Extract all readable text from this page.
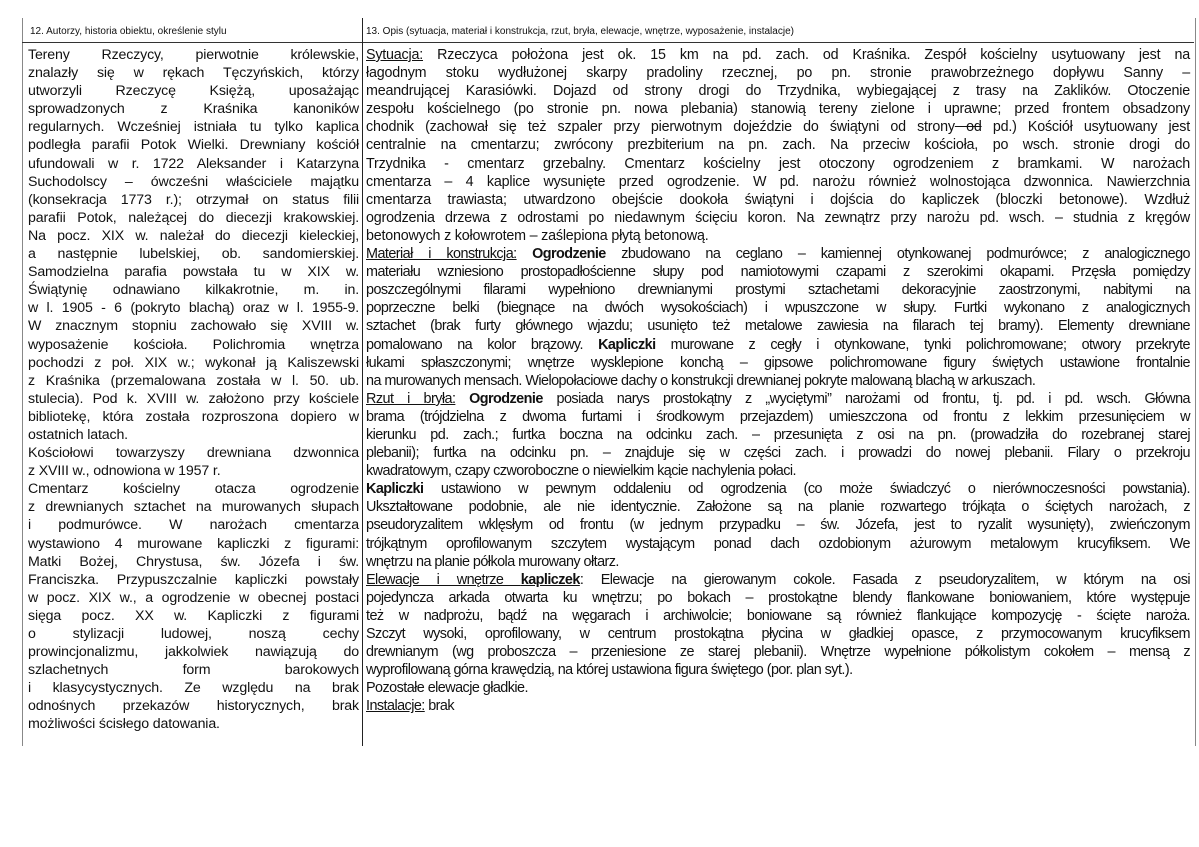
12. Autorzy, historia obiektu, określenie stylu	13. Opis (sytuacja, materiał i konstrukcja, rzut, bryła, elewacje, wnętrze, wyposażenie, instalacje)
Tereny Rzeczycy, pierwotnie królewskie,
znalazły się w rękach Tęczyńskich, którzy
utworzyli Rzeczycę Księżą, uposażając
sprowadzonych z Kraśnika kanoników
regularnych. Wcześniej istniała tu tylko kaplica
podległa parafii Potok Wielki. Drewniany kościół
ufundowali w r. 1722 Aleksander i Katarzyna
Suchodolscy – ówcześni właściciele majątku
(konsekracja 1773 r.); otrzymał on status filii
parafii Potok, należącej do diecezji krakowskiej.
Na pocz. XIX w. należał do diecezji kieleckiej,
a następnie lubelskiej, ob. sandomierskiej.
Samodzielna parafia powstała tu w XIX w.
Świątynię odnawiano kilkakrotnie, m. in.
w l. 1905 - 6 (pokryto blachą) oraz w l. 1955-9.
W znacznym stopniu zachowało się XVIII w.
wyposażenie kościoła. Polichromia wnętrza
pochodzi z poł. XIX w.; wykonał ją Kaliszewski
z Kraśnika (przemalowana została w l. 50. ub.
stulecia). Pod k. XVIII w. założono przy kościele
bibliotekę, która została rozproszona dopiero w
ostatnich latach.
Kościołowi towarzyszy drewniana dzwonnica
z XVIII w., odnowiona w 1957 r.
Cmentarz kościelny otacza ogrodzenie
z drewnianych sztachet na murowanych słupach
i podmurówce. W narożach cmentarza
wystawiono 4 murowane kapliczki z figurami:
Matki Bożej, Chrystusa, św. Józefa i św.
Franciszka. Przypuszczalnie kapliczki powstały
w pocz. XIX w., a ogrodzenie w obecnej postaci
sięga pocz. XX w. Kapliczki z figurami
o stylizacji ludowej, noszą cechy
prowincjonalizmu, jakkolwiek nawiązują do
szlachetnych form barokowych
i klasycystycznych. Ze względu na brak
odnośnych przekazów historycznych, brak
możliwości ścisłego datowania.
Sytuacja: Rzeczyca położona jest ok. 15 km na pd. zach. od Kraśnika. Zespół kościelny usytuowany jest na
łagodnym stoku wydłużonej skarpy pradoliny rzecznej, po pn. stronie prawobrzeżnego dopływu Sanny –
meandrującej Karasiówki. Dojazd od strony drogi do Trzydnika, wybiegającej z trasy na Zaklików. Otoczenie
zespołu kościelnego (po stronie pn. nowa plebania) stanowią tereny zielone i uprawne; przed frontem obsadzony
chodnik (zachował się też szpaler przy pierwotnym dojeździe do świątyni od strony od pd.) Kościół usytuowany jest
centralnie na cmentarzu; zwrócony prezbiterium na pn. zach. Na przeciw kościoła, po wsch. stronie drogi do
Trzydnika - cmentarz grzebalny. Cmentarz kościelny jest otoczony ogrodzeniem z bramkami. W narożach
cmentarza – 4 kaplice wysunięte przed ogrodzenie. W pd. narożu również wolnostojąca dzwonnica. Nawierzchnia
cmentarza trawiasta; utwardzono obejście dookoła świątyni i dojścia do kapliczek (bloczki betonowe). Wzdłuż
ogrodzenia drzewa z odrostami po niedawnym ścięciu koron. Na zewnątrz przy narożu pd. wsch. – studnia z kręgów
betonowych z kołowrotem – zaślepiona płytą betonową.
Materiał i konstrukcja: Ogrodzenie zbudowano na ceglano – kamiennej otynkowanej podmurówce; z analogicznego
materiału wzniesiono prostopadłościenne słupy pod namiotowymi czapami z szerokimi okapami. Przęsła pomiędzy
poszczególnymi filarami wypełniono drewnianymi prostymi sztachetami dekoracyjnie zaostrzonymi, nabitymi na
poprzeczne belki (biegnące na dwóch wysokościach) i wpuszczone w słupy. Furtki wykonano z analogicznych
sztachet (brak furty głównego wjazdu; usunięto też metalowe zawiesia na filarach tej bramy). Elementy drewniane
pomalowano na kolor brązowy. Kapliczki murowane z cegły i otynkowane, tynki polichromowane; otwory przekryte
łukami spłaszczonymi; wnętrze wysklepione konchą – gipsowe polichromowane figury świętych ustawione frontalnie
na murowanych mensach. Wielopołaciowe dachy o konstrukcji drewnianej pokryte malowaną blachą w arkuszach.
Rzut i bryła: Ogrodzenie posiada narys prostokątny z „wyciętymi” narożami od frontu, tj. pd. i pd. wsch. Główna
brama (trójdzielna z dwoma furtami i środkowym przejazdem) umieszczona od frontu z lekkim przesunięciem w
kierunku pd. zach.; furtka boczna na odcinku zach. – przesunięta z osi na pn. (prowadziła do rozebranej starej
plebanii); furtka na odcinku pn. – znajduje się w części zach. i prowadzi do nowej plebanii. Filary o przekroju
kwadratowym, czapy czworoboczne o niewielkim kącie nachylenia połaci.
Kapliczki ustawiono w pewnym oddaleniu od ogrodzenia (co może świadczyć o nierównoczesności powstania).
Ukształtowane podobnie, ale nie identycznie. Założone są na planie rozwartego trójkąta o ściętych narożach, z
pseudoryzalitem wklęsłym od frontu (w jednym przypadku – św. Józefa, jest to ryzalit wysunięty), zwieńczonym
trójkątnym oprofilowanym szczytem wystającym ponad dach ozdobionym ażurowym metalowym krucyfiksem. We
wnętrzu na planie półkola murowany ołtarz.
Elewacje i wnętrze kapliczek: Elewacje na gierowanym cokole. Fasada z pseudoryzalitem, w którym na osi
pojedyncza arkada otwarta ku wnętrzu; po bokach – prostokątne blendy flankowane boniowaniem, które występuje
też w nadprożu, bądź na węgarach i archiwolcie; boniowane są również flankujące kompozycję - ścięte naroża.
Szczyt wysoki, oprofilowany, w centrum prostokątna płycina w gładkiej opasce, z przymocowanym krucyfiksem
drewnianym (wg proboszcza – przeniesione ze starej plebanii). Wnętrze wypełnione półkolistym cokołem – mensą z
wyprofilowaną górna krawędzią, na której ustawiona figura świętego (por. plan syt.).
Pozostałe elewacje gładkie.
Instalacje: brak
